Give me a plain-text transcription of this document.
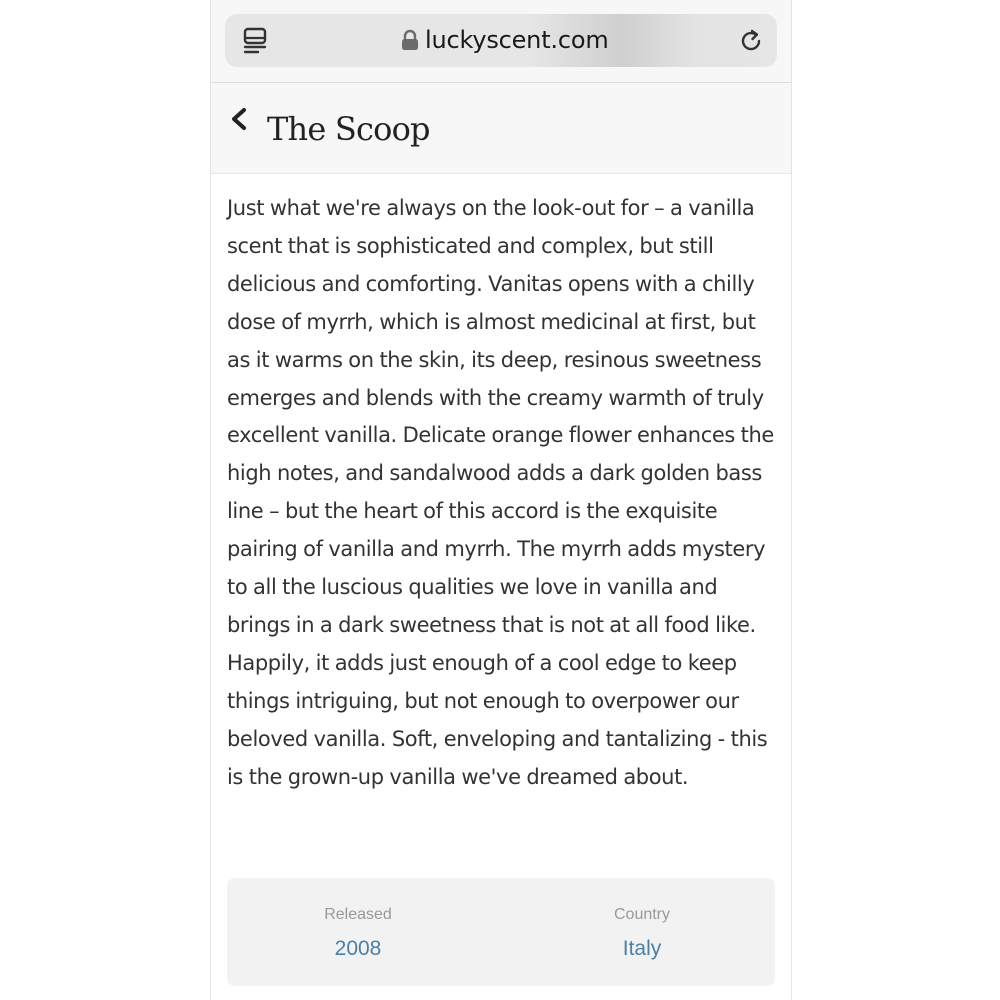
luckyscent.com
The Scoop

Just what we're always on the look-out for – a vanilla scent that is sophisticated and complex, but still delicious and comforting. Vanitas opens with a chilly dose of myrrh, which is almost medicinal at first, but as it warms on the skin, its deep, resinous sweetness emerges and blends with the creamy warmth of truly excellent vanilla. Delicate orange flower enhances the high notes, and sandalwood adds a dark golden bass line – but the heart of this accord is the exquisite pairing of vanilla and myrrh. The myrrh adds mystery to all the luscious qualities we love in vanilla and brings in a dark sweetness that is not at all food like. Happily, it adds just enough of a cool edge to keep things intriguing, but not enough to overpower our beloved vanilla. Soft, enveloping and tantalizing - this is the grown-up vanilla we've dreamed about.

Released
2008
Country
Italy
